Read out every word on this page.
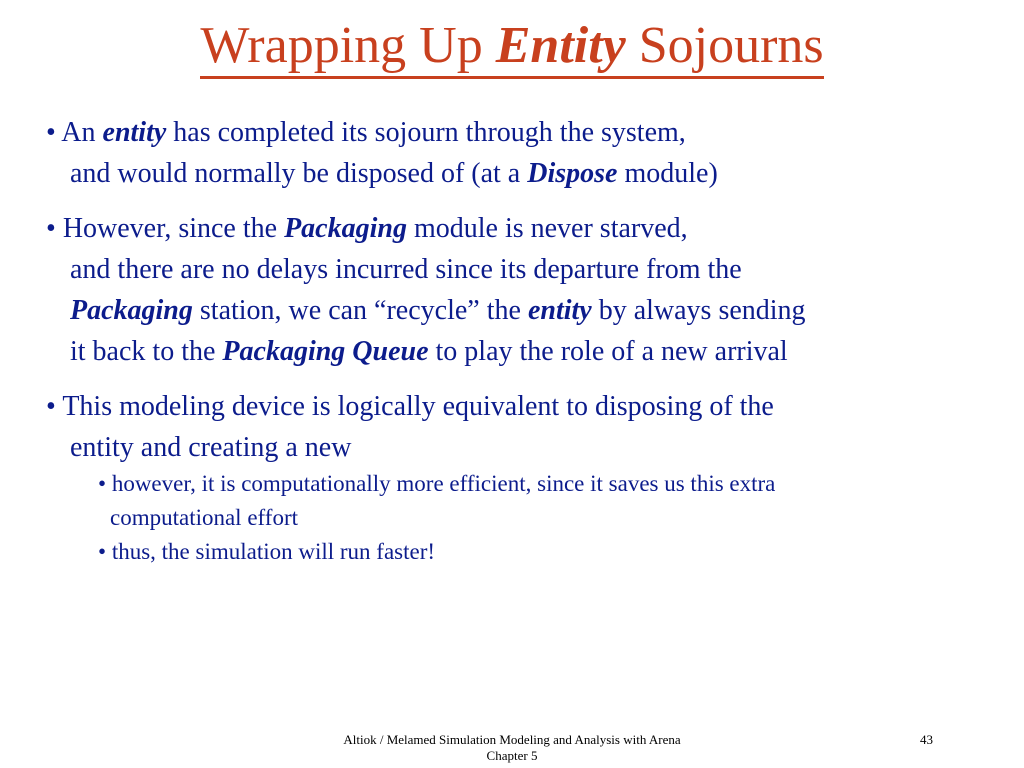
Wrapping Up Entity Sojourns
• An entity has completed its sojourn through the system,
and would normally be disposed of (at a Dispose module)
• However, since the Packaging module is never starved,
and there are no delays incurred since its departure from the
Packaging station, we can “recycle” the entity by always sending
it back to the Packaging Queue to play the role of a new arrival
• This modeling device is logically equivalent to disposing of the
entity and creating a new
• however, it is computationally more efficient, since it saves us this extra
computational effort
• thus, the simulation will run faster!
Altiok / Melamed Simulation Modeling and Analysis with Arena
Chapter 5
43
